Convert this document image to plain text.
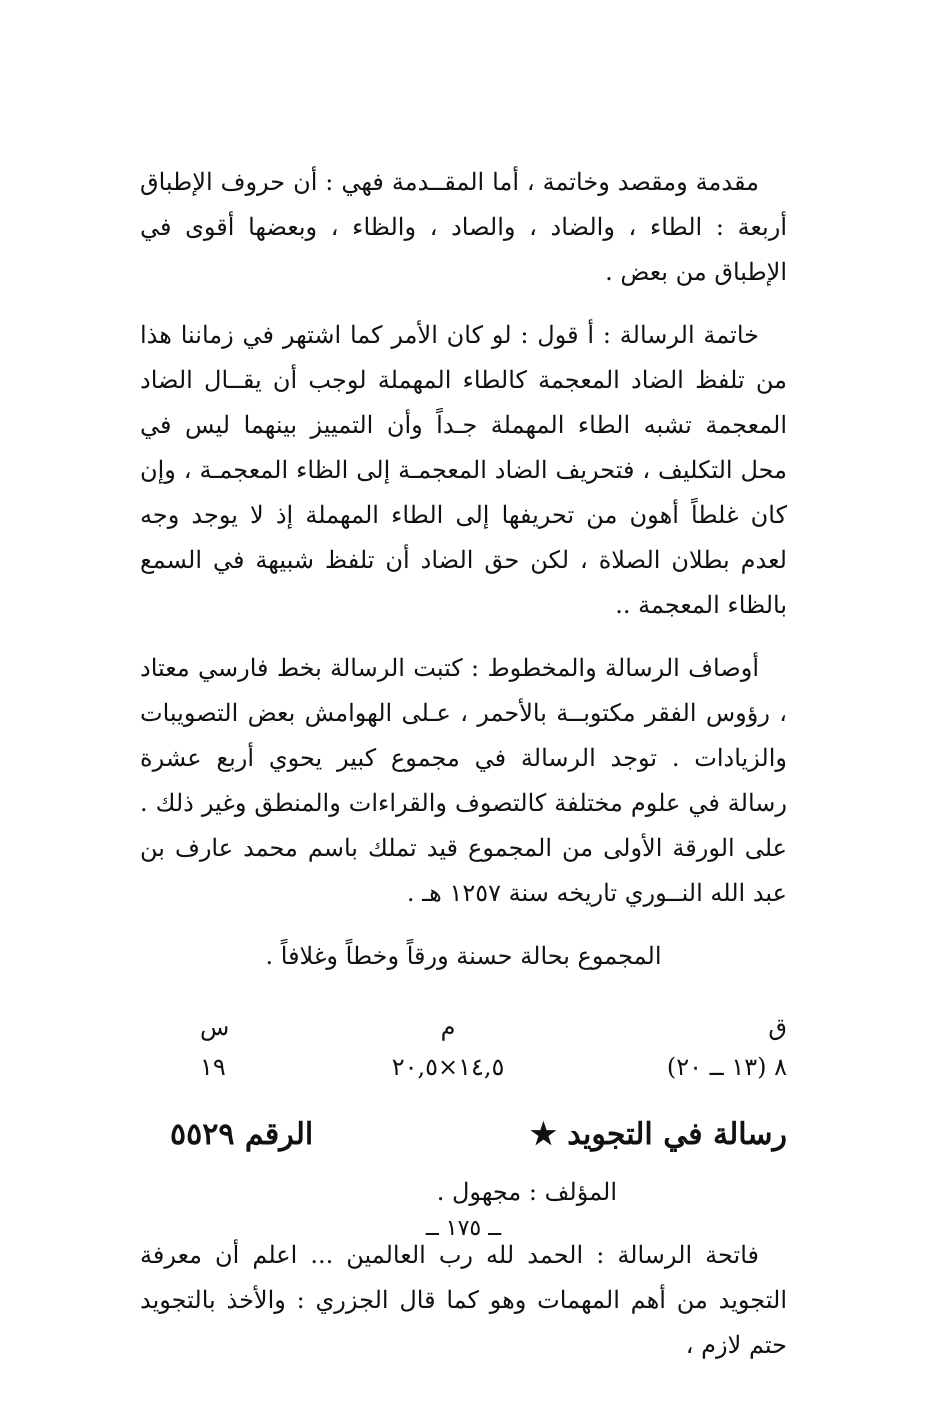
مقدمة ومقصد وخاتمة ، أما المقــدمة فهي : أن حروف الإطباق أربعة : الطاء ، والضاد ، والصاد ، والظاء ، وبعضها أقوى في الإطباق من بعض .

خاتمة الرسالة : أ قول : لو كان الأمر كما اشتهر في زماننا هذا من تلفظ الضاد المعجمة كالطاء المهملة لوجب أن يقــال الضاد المعجمة تشبه الطاء المهملة جـداً وأن التمييز بينهما ليس في محل التكليف ، فتحريف الضاد المعجمـة إلى الظاء المعجمـة ، وإن كان غلطاً أهون من تحريفها إلى الطاء المهملة إذ لا يوجد وجه لعدم بطلان الصلاة ، لكن حق الضاد أن تلفظ شبيهة في السمع بالظاء المعجمة ..

أوصاف الرسالة والمخطوط : كتبت الرسالة بخط فارسي معتاد ، رؤوس الفقر مكتوبــة بالأحمر ، عـلى الهوامش بعض التصويبات والزيادات . توجد الرسالة في مجموع كبير يحوي أربع عشرة رسالة في علوم مختلفة كالتصوف والقراءات والمنطق وغير ذلك . على الورقة الأولى من المجموع قيد تملك باسم محمد عارف بن عبد الله النــوري تاريخه سنة ١٢٥٧ هـ .

المجموع بحالة حسنة ورقاً وخطاً وغلافاً .

ق
٨ (١٣ ــ ٢٠)
م
١٤,٥×٢٠,٥
س
١٩
رسالة في التجويد ★
الرقم ٥٥٢٩
المؤلف : مجهول .

فاتحة الرسالة : الحمد لله رب العالمين ... اعلم أن معرفة التجويد من أهم المهمات وهو كما قال الجزري : والأخذ بالتجويد حتم لازم ،

ــ ١٧٥ ــ
